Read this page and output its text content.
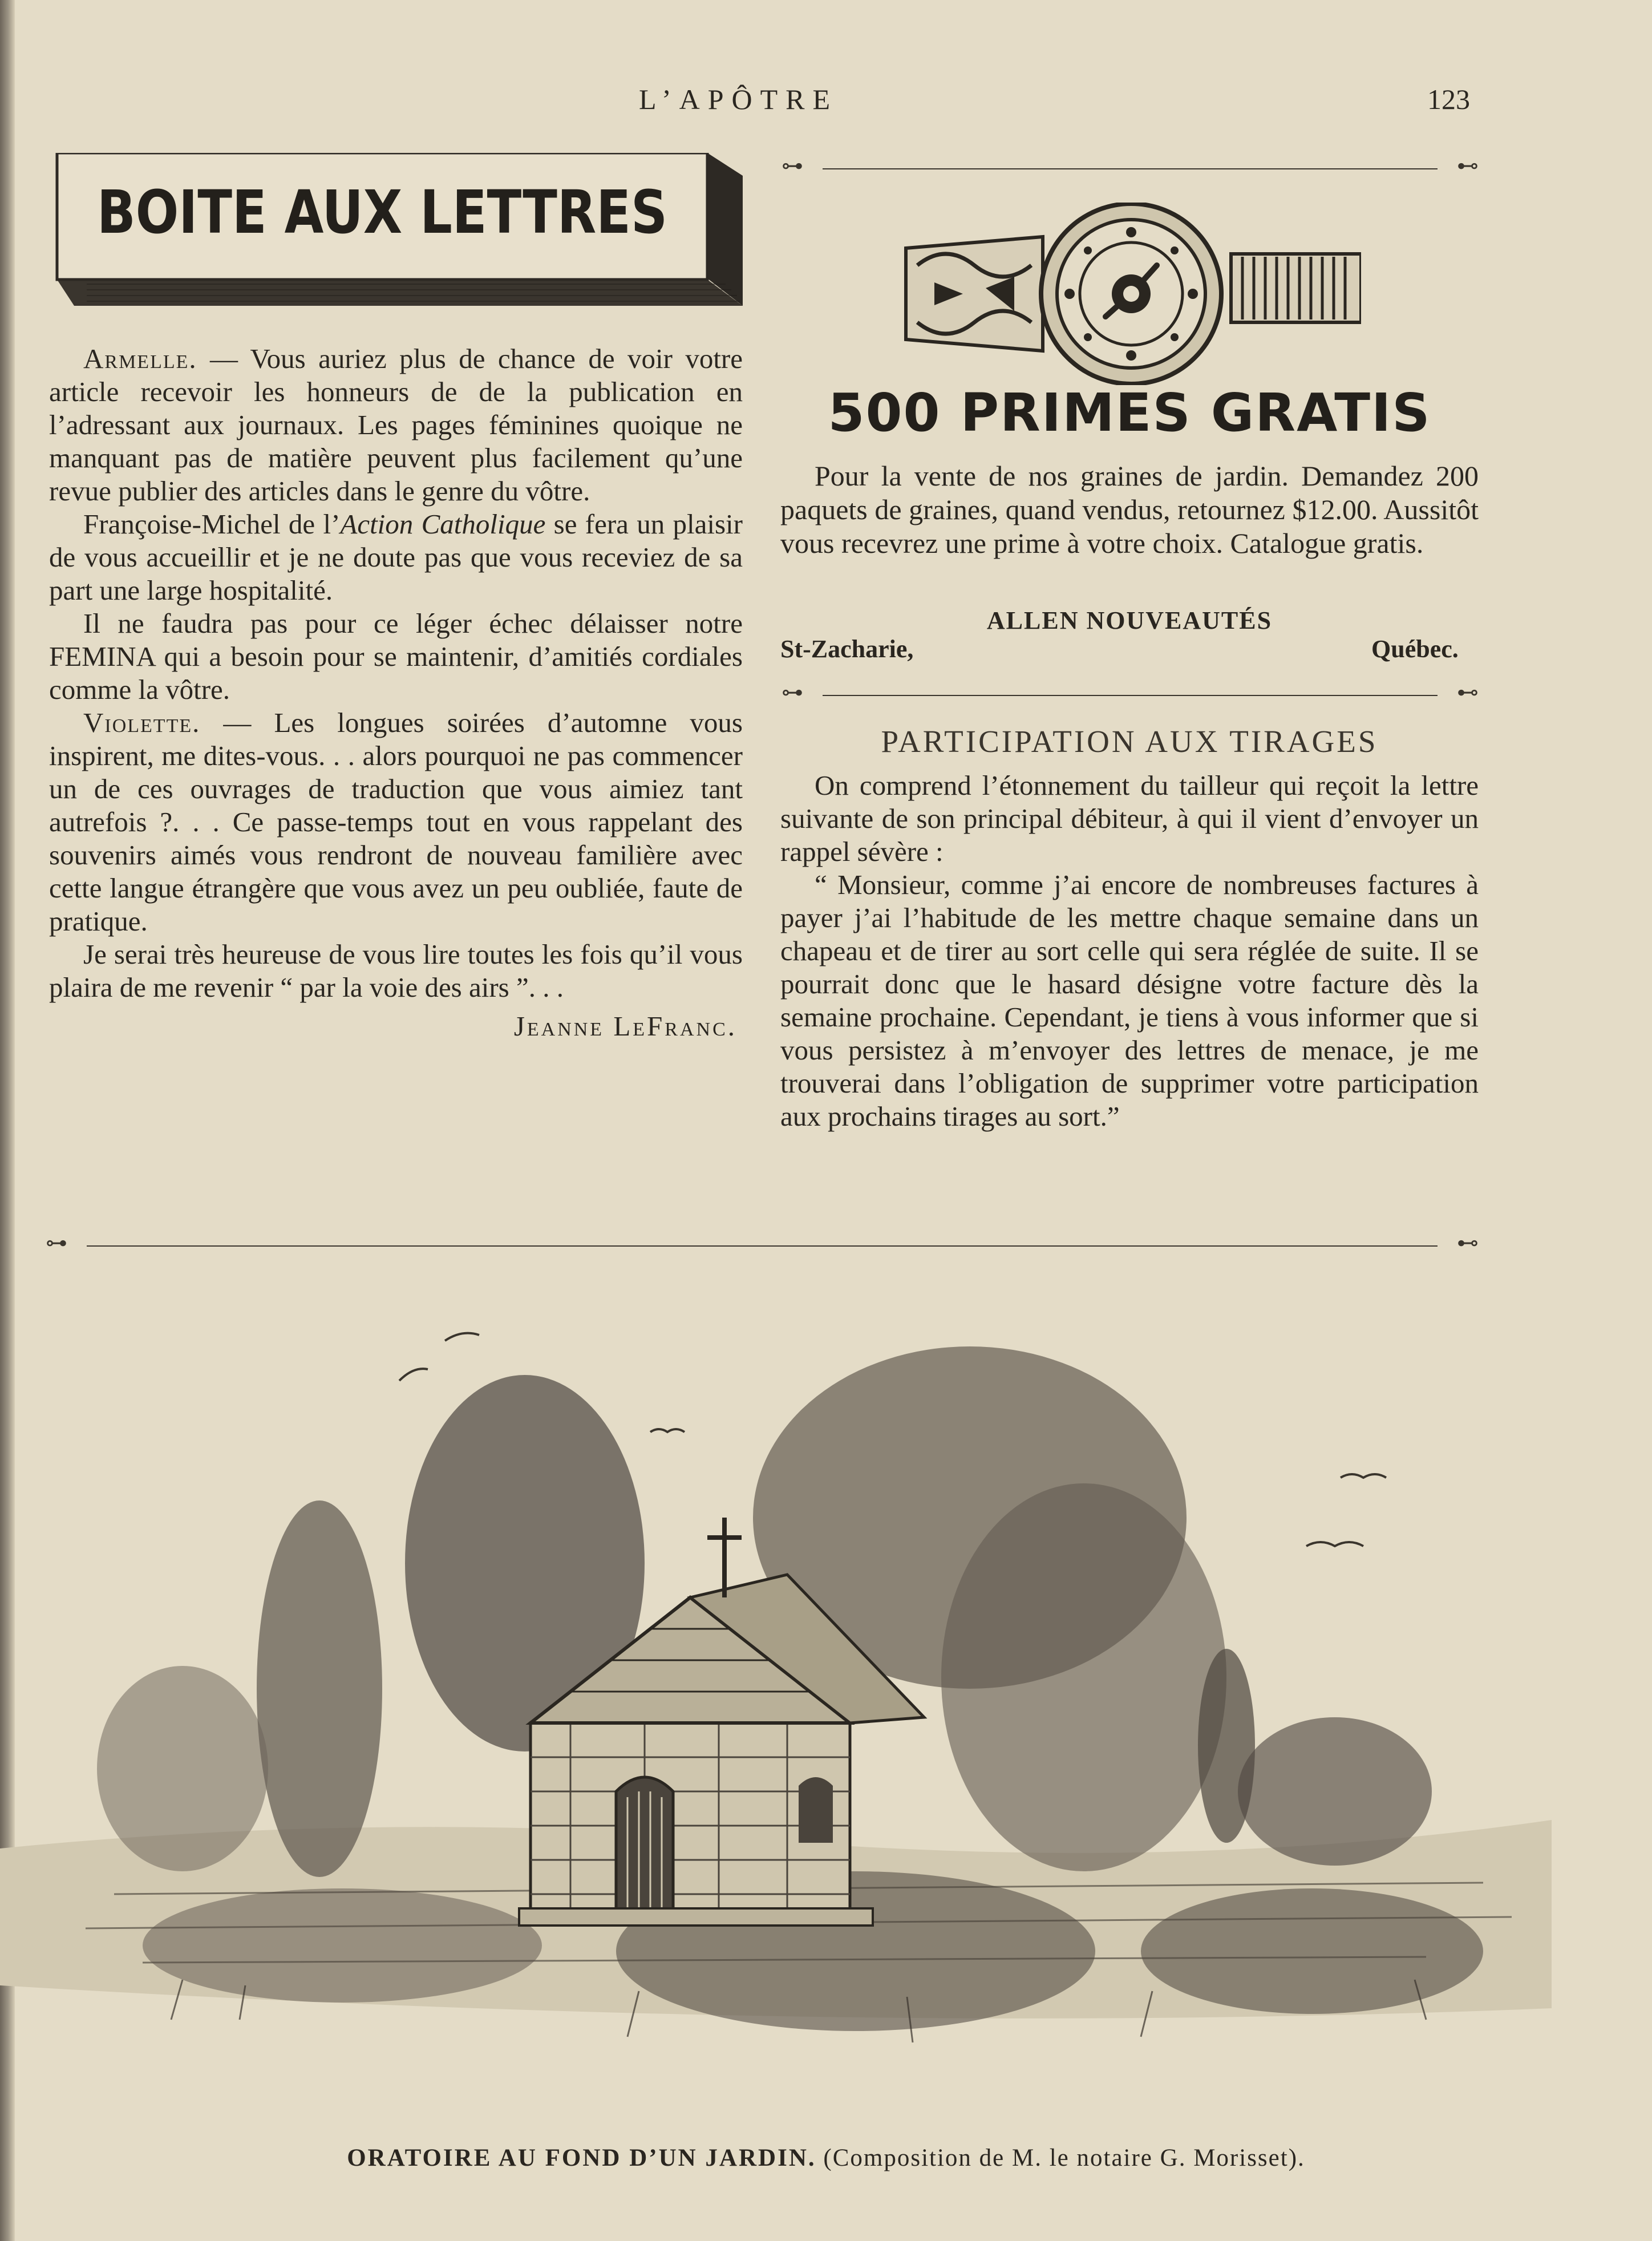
L’APÔTRE	123
BOITE AUX LETTRES

Armelle. — Vous auriez plus de chance de voir votre article recevoir les honneurs de de la publication en l’adressant aux journaux. Les pages féminines quoique ne manquant pas de matière peuvent plus facilement qu’une revue publier des articles dans le genre du vôtre.

Françoise-Michel de l’Action Catholique se fera un plaisir de vous accueillir et je ne doute pas que vous receviez de sa part une large hospitalité.

Il ne faudra pas pour ce léger échec délaisser notre FEMINA qui a besoin pour se maintenir, d’amitiés cordiales comme la vôtre.

Violette. — Les longues soirées d’automne vous inspirent, me dites-vous. . . alors pourquoi ne pas commencer un de ces ouvrages de traduction que vous aimiez tant autrefois ?. . . Ce passe-temps tout en vous rappelant des souvenirs aimés vous rendront de nouveau familière avec cette langue étrangère que vous avez un peu oubliée, faute de pratique.

Je serai très heureuse de vous lire toutes les fois qu’il vous plaira de me revenir “ par la voie des airs ”. . .

Jeanne LeFranc.
⊶	⊷
⊶	⊷
⊶	⊷
500 PRIMES GRATIS

Pour la vente de nos graines de jardin. Demandez 200 paquets de graines, quand vendus, retournez $12.00. Aussitôt vous recevrez une prime à votre choix. Catalogue gratis.

ALLEN NOUVEAUTÉS
St-Zacharie,	Québec.
PARTICIPATION AUX TIRAGES

On comprend l’étonnement du tailleur qui reçoit la lettre suivante de son principal débiteur, à qui il vient d’envoyer un rappel sévère :

“ Monsieur, comme j’ai encore de nombreuses factures à payer j’ai l’habitude de les mettre chaque semaine dans un chapeau et de tirer au sort celle qui sera réglée de suite. Il se pourrait donc que le hasard désigne votre facture dès la semaine prochaine. Cependant, je tiens à vous informer que si vous persistez à m’envoyer des lettres de menace, je me trouverai dans l’obligation de supprimer votre participation aux prochains tirages au sort.”

ORATOIRE AU FOND D’UN JARDIN. (Composition de M. le notaire G. Morisset).
